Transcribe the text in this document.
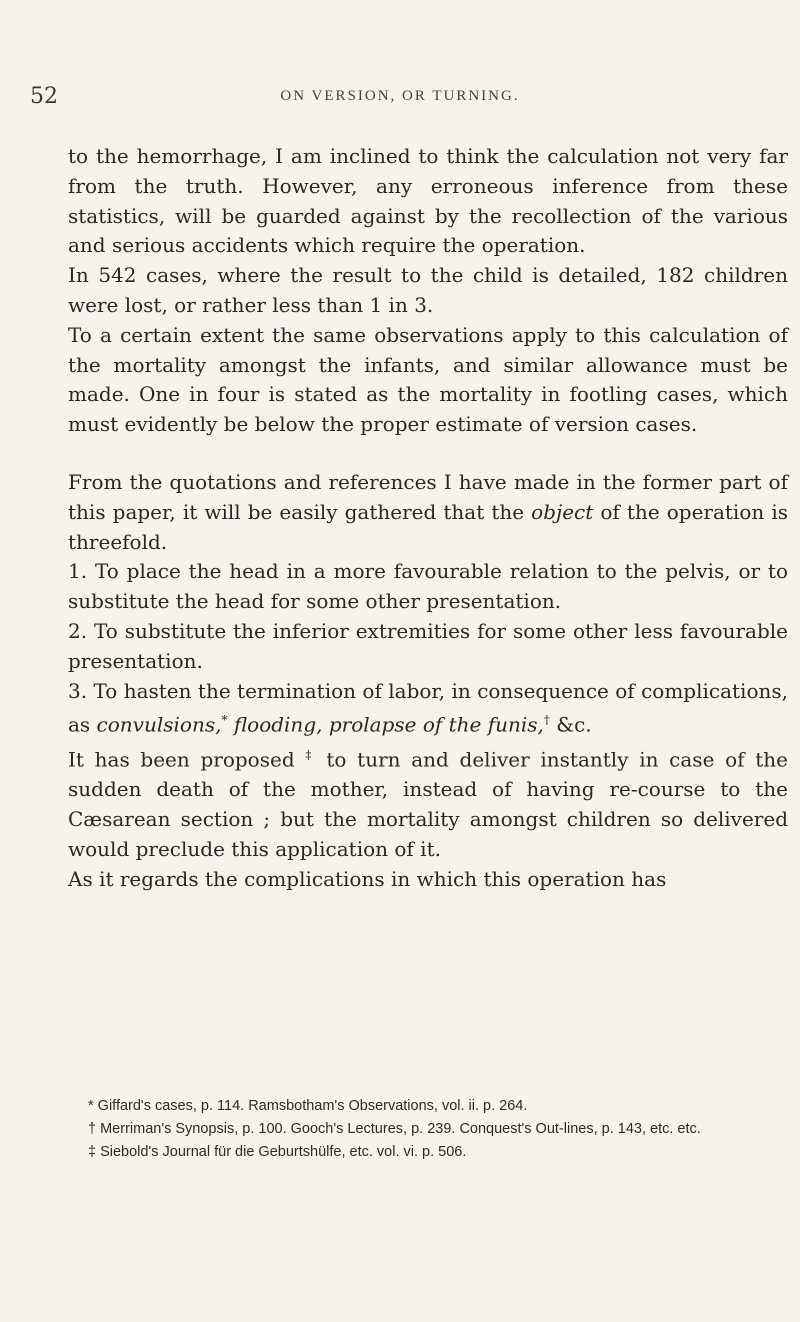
52	ON VERSION, OR TURNING.

to the hemorrhage, I am inclined to think the calculation not very far from the truth. However, any erroneous inference from these statistics, will be guarded against by the recollection of the various and serious accidents which require the operation.

In 542 cases, where the result to the child is detailed, 182 children were lost, or rather less than 1 in 3.

To a certain extent the same observations apply to this calculation of the mortality amongst the infants, and similar allowance must be made. One in four is stated as the mortality in footling cases, which must evidently be below the proper estimate of version cases.

From the quotations and references I have made in the former part of this paper, it will be easily gathered that the object of the operation is threefold.

1. To place the head in a more favourable relation to the pelvis, or to substitute the head for some other presentation.

2. To substitute the inferior extremities for some other less favourable presentation.

3. To hasten the termination of labor, in consequence of complications, as convulsions,* flooding, prolapse of the funis,† &c.

It has been proposed ‡ to turn and deliver instantly in case of the sudden death of the mother, instead of having re-course to the Cæsarean section ; but the mortality amongst children so delivered would preclude this application of it.

As it regards the complications in which this operation has

* Giffard's cases, p. 114. Ramsbotham's Observations, vol. ii. p. 264.

† Merriman's Synopsis, p. 100. Gooch's Lectures, p. 239. Conquest's Out-lines, p. 143, etc. etc.

‡ Siebold's Journal für die Geburtshülfe, etc. vol. vi. p. 506.
